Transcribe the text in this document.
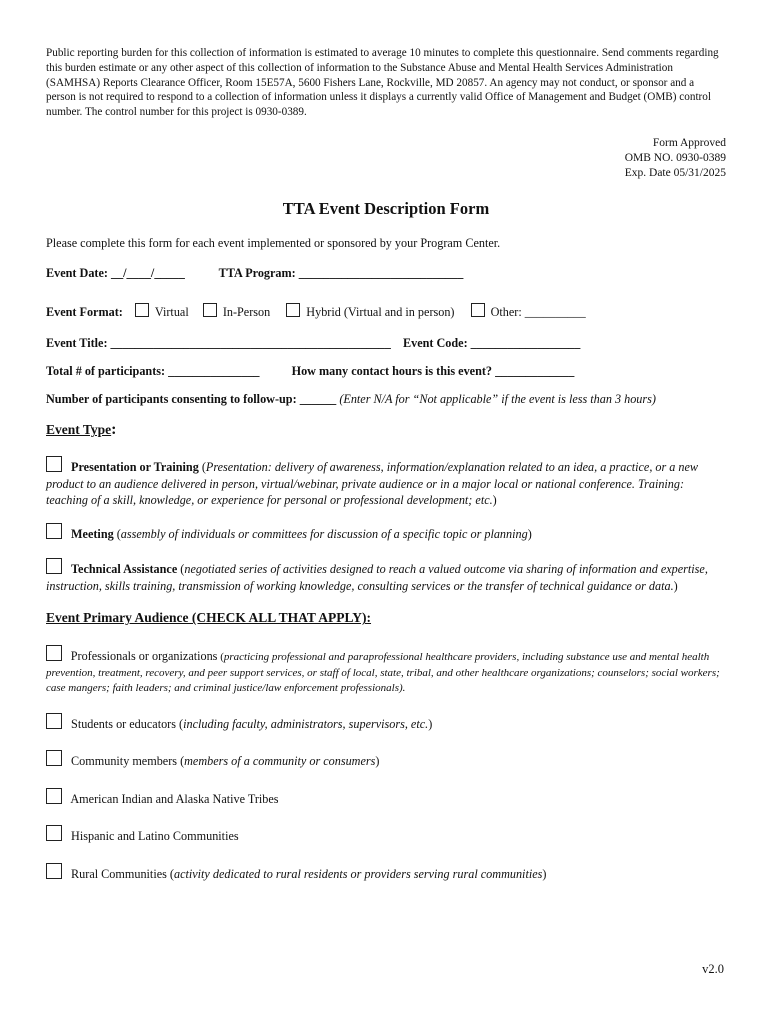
Public reporting burden for this collection of information is estimated to average 10 minutes to complete this questionnaire. Send comments regarding this burden estimate or any other aspect of this collection of information to the Substance Abuse and Mental Health Services Administration (SAMHSA) Reports Clearance Officer, Room 15E57A, 5600 Fishers Lane, Rockville, MD 20857. An agency may not conduct, or sponsor and a person is not required to respond to a collection of information unless it displays a currently valid Office of Management and Budget (OMB) control number. The control number for this project is 0930-0389.

Form Approved
OMB NO. 0930-0389
Exp. Date 05/31/2025
TTA Event Description Form
Please complete this form for each event implemented or sponsored by your Program Center.
Event Date: __/____/_____	TTA Program: ___________________________
Event Format:	Virtual	In-Person	Hybrid (Virtual and in person)	Other: __________
Event Title: ______________________________________________ Event Code: __________________
Total # of participants: _______________	How many contact hours is this event? _____________
Number of participants consenting to follow-up: ______ (Enter N/A for “Not applicable” if the event is less than 3 hours)
Event Type:
Presentation or Training (Presentation: delivery of awareness, information/explanation related to an idea, a practice, or a new product to an audience delivered in person, virtual/webinar, private audience or in a major local or national conference. Training: teaching of a skill, knowledge, or experience for personal or professional development; etc.)
Meeting (assembly of individuals or committees for discussion of a specific topic or planning)
Technical Assistance (negotiated series of activities designed to reach a valued outcome via sharing of information and expertise, instruction, skills training, transmission of working knowledge, consulting services or the transfer of technical guidance or data.)
Event Primary Audience (CHECK ALL THAT APPLY):
Professionals or organizations (practicing professional and paraprofessional healthcare providers, including substance use and mental health prevention, treatment, recovery, and peer support services, or staff of local, state, tribal, and other healthcare organizations; counselors; social workers; case mangers; faith leaders; and criminal justice/law enforcement professionals).
Students or educators (including faculty, administrators, supervisors, etc.)
Community members (members of a community or consumers)
American Indian and Alaska Native Tribes
Hispanic and Latino Communities
Rural Communities (activity dedicated to rural residents or providers serving rural communities)
v2.0
